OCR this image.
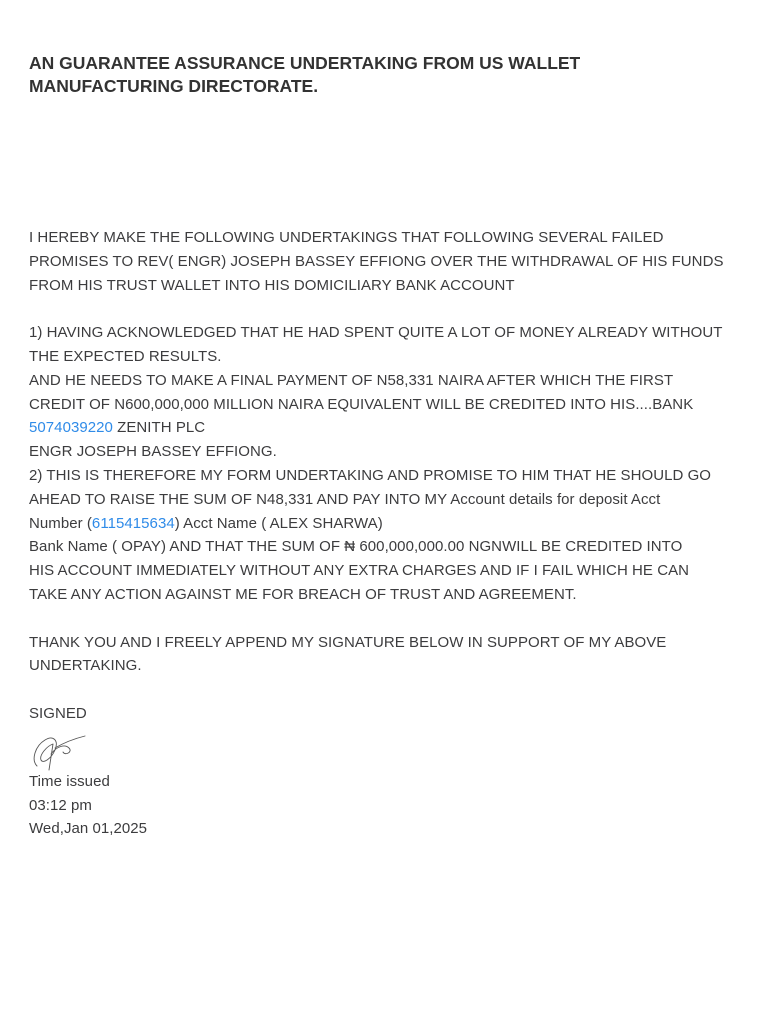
AN GUARANTEE ASSURANCE UNDERTAKING FROM US WALLET
MANUFACTURING DIRECTORATE.
I HEREBY MAKE THE FOLLOWING UNDERTAKINGS THAT FOLLOWING SEVERAL FAILED
PROMISES TO REV( ENGR) JOSEPH BASSEY EFFIONG OVER THE WITHDRAWAL OF HIS FUNDS
FROM HIS TRUST WALLET INTO HIS DOMICILIARY BANK ACCOUNT
1) HAVING ACKNOWLEDGED THAT HE HAD SPENT QUITE A LOT OF MONEY ALREADY WITHOUT
THE EXPECTED RESULTS.
AND HE NEEDS TO MAKE A FINAL PAYMENT OF N58,331 NAIRA AFTER WHICH THE FIRST
CREDIT OF N600,000,000 MILLION NAIRA EQUIVALENT WILL BE CREDITED INTO HIS....BANK
5074039220 ZENITH PLC
ENGR JOSEPH BASSEY EFFIONG.
2) THIS IS THEREFORE MY FORM UNDERTAKING AND PROMISE TO HIM THAT HE SHOULD GO
AHEAD TO RAISE THE SUM OF N48,331 AND PAY INTO MY Account details for deposit Acct
Number (6115415634) Acct Name ( ALEX SHARWA)
Bank Name ( OPAY) AND THAT THE SUM OF ₦ 600,000,000.00 NGNWILL BE CREDITED INTO
HIS ACCOUNT IMMEDIATELY WITHOUT ANY EXTRA CHARGES AND IF I FAIL WHICH HE CAN
TAKE ANY ACTION AGAINST ME FOR BREACH OF TRUST AND AGREEMENT.
THANK YOU AND I FREELY APPEND MY SIGNATURE BELOW IN SUPPORT OF MY ABOVE
UNDERTAKING.
SIGNED
Time issued
03:12 pm
Wed,Jan 01,2025
